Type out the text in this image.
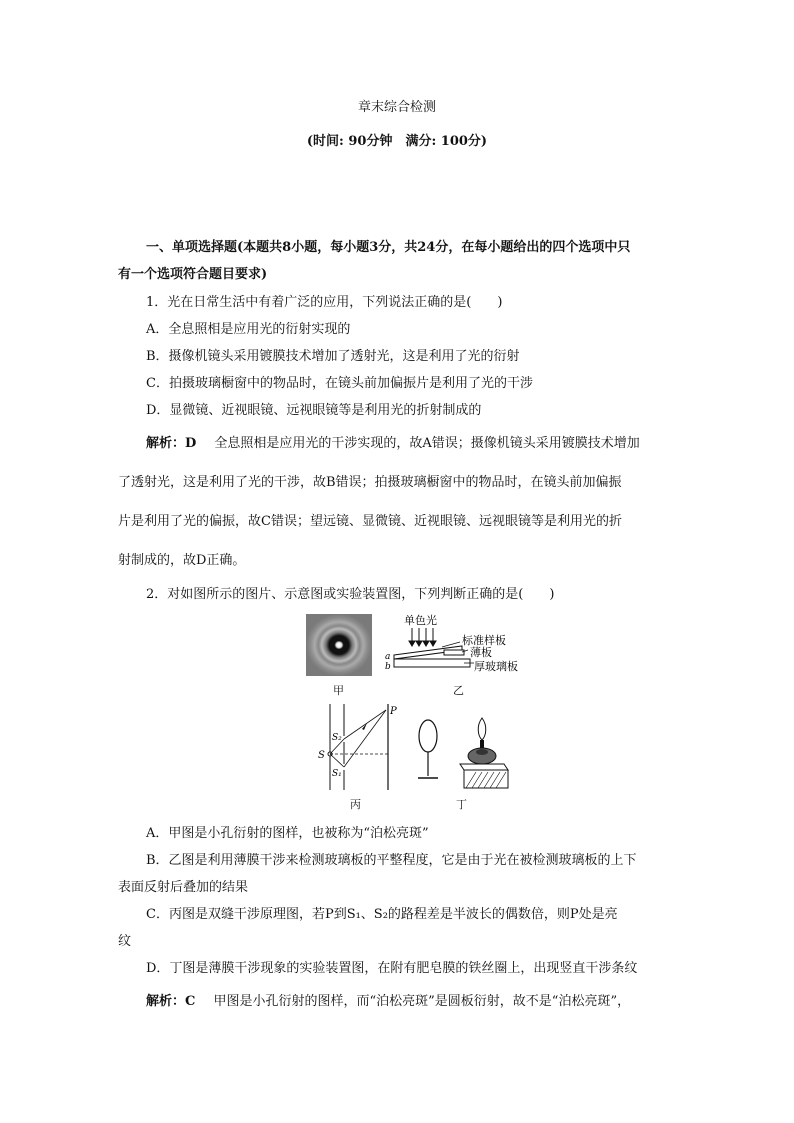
章末综合检测
(时间: 90分钟　满分: 100分)
一、单项选择题(本题共8小题，每小题3分，共24分，在每小题给出的四个选项中只
有一个选项符合题目要求)
1．光在日常生活中有着广泛的应用，下列说法正确的是(　　)
A．全息照相是应用光的衍射实现的
B．摄像机镜头采用镀膜技术增加了透射光，这是利用了光的衍射
C．拍摄玻璃橱窗中的物品时，在镜头前加偏振片是利用了光的干涉
D．显微镜、近视眼镜、远视眼镜等是利用光的折射制成的
解析：D 全息照相是应用光的干涉实现的，故A错误；摄像机镜头采用镀膜技术增加
了透射光，这是利用了光的干涉，故B错误；拍摄玻璃橱窗中的物品时，在镜头前加偏振
片是利用了光的偏振，故C错误；望远镜、显微镜、近视眼镜、远视眼镜等是利用光的折
射制成的，故D正确。
2．对如图所示的图片、示意图或实验装置图，下列判断正确的是(　　)
甲
单色光
标准样板
薄板
厚玻璃板
a
b
乙
P
S
S₂
S₁
丙	丁
A．甲图是小孔衍射的图样，也被称为“泊松亮斑”
B．乙图是利用薄膜干涉来检测玻璃板的平整程度，它是由于光在被检测玻璃板的上下
表面反射后叠加的结果
C．丙图是双缝干涉原理图，若P到S₁、S₂的路程差是半波长的偶数倍，则P处是亮
纹
D．丁图是薄膜干涉现象的实验装置图，在附有肥皂膜的铁丝圈上，出现竖直干涉条纹
解析：C 甲图是小孔衍射的图样，而“泊松亮斑”是圆板衍射，故不是“泊松亮斑”，
